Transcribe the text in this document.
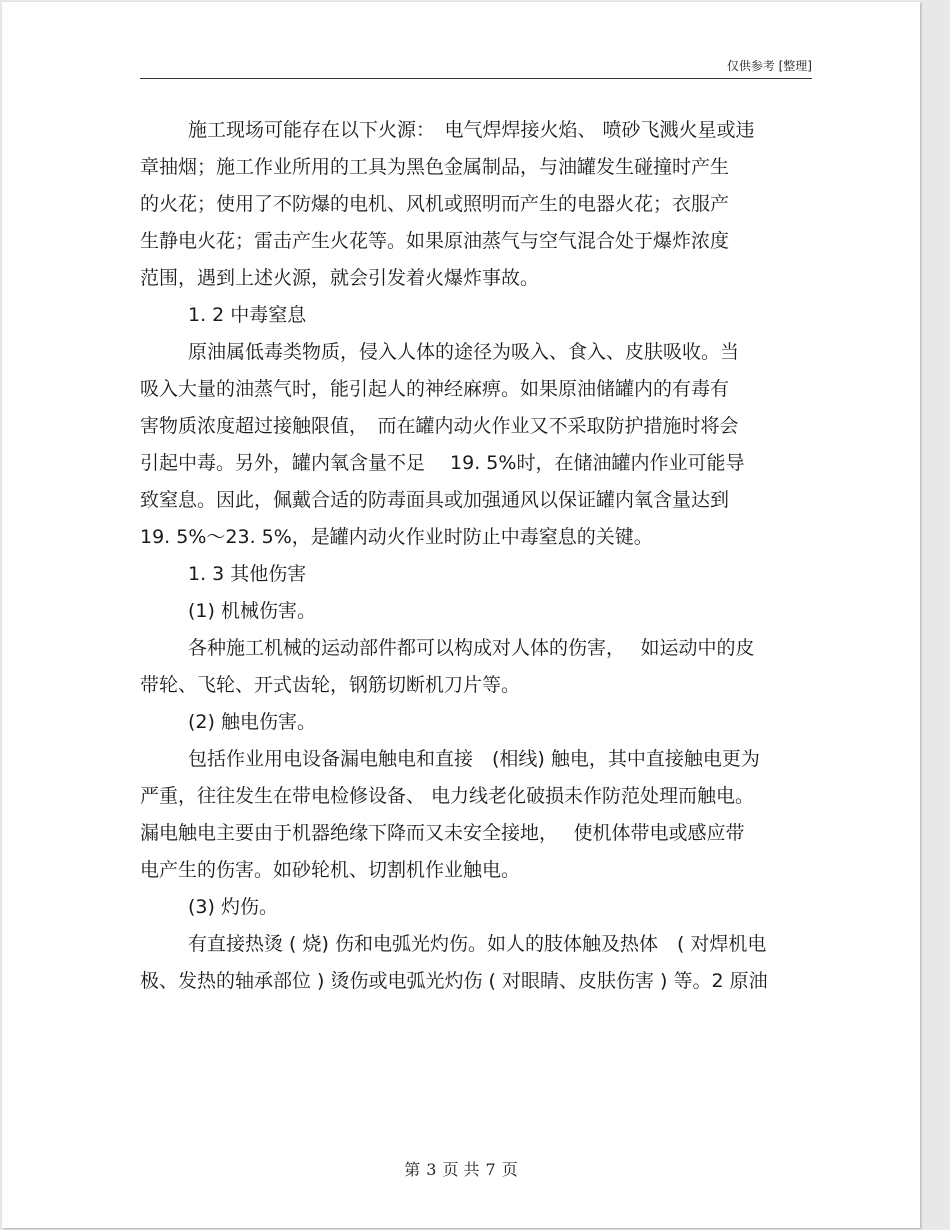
仅供参考 [整理]
施工现场可能存在以下火源：　电气焊焊接火焰、 喷砂飞溅火星或违
章抽烟；施工作业所用的工具为黑色金属制品，与油罐发生碰撞时产生
的火花；使用了不防爆的电机、风机或照明而产生的电器火花；衣服产
生静电火花；雷击产生火花等。如果原油蒸气与空气混合处于爆炸浓度
范围，遇到上述火源，就会引发着火爆炸事故。
1. 2 中毒窒息
原油属低毒类物质，侵入人体的途径为吸入、食入、皮肤吸收。当
吸入大量的油蒸气时，能引起人的神经麻痹。如果原油储罐内的有毒有
害物质浓度超过接触限值，　而在罐内动火作业又不采取防护措施时将会
引起中毒。另外，罐内氧含量不足　 19. 5%时，在储油罐内作业可能导
致窒息。因此，佩戴合适的防毒面具或加强通风以保证罐内氧含量达到
19. 5%～23. 5%，是罐内动火作业时防止中毒窒息的关键。
1. 3 其他伤害
(1) 机械伤害。
各种施工机械的运动部件都可以构成对人体的伤害，　 如运动中的皮
带轮、飞轮、开式齿轮，钢筋切断机刀片等。
(2) 触电伤害。
包括作业用电设备漏电触电和直接　(相线) 触电，其中直接触电更为
严重，往往发生在带电检修设备、 电力线老化破损未作防范处理而触电。
漏电触电主要由于机器绝缘下降而又未安全接地，　 使机体带电或感应带
电产生的伤害。如砂轮机、切割机作业触电。
(3) 灼伤。
有直接热烫 ( 烧) 伤和电弧光灼伤。如人的肢体触及热体　( 对焊机电
极、发热的轴承部位 ) 烫伤或电弧光灼伤 ( 对眼睛、皮肤伤害 ) 等。2 原油
第 3 页 共 7 页
